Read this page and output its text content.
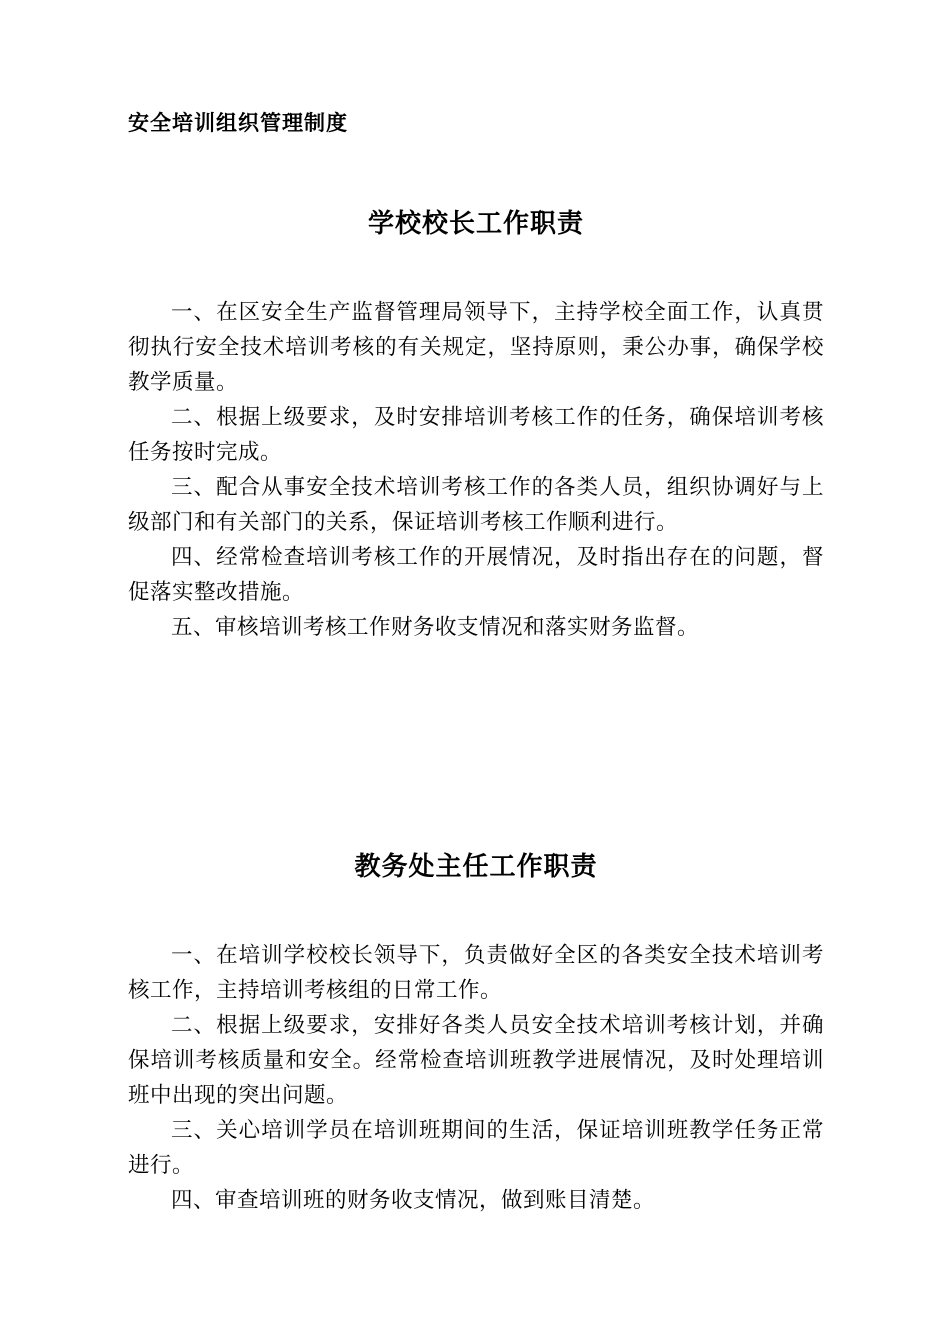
安全培训组织管理制度
学校校长工作职责

一、在区安全生产监督管理局领导下，主持学校全面工作，认真贯彻执行安全技术培训考核的有关规定，坚持原则，秉公办事，确保学校教学质量。

二、根据上级要求，及时安排培训考核工作的任务，确保培训考核任务按时完成。

三、配合从事安全技术培训考核工作的各类人员，组织协调好与上级部门和有关部门的关系，保证培训考核工作顺利进行。

四、经常检查培训考核工作的开展情况，及时指出存在的问题，督促落实整改措施。

五、审核培训考核工作财务收支情况和落实财务监督。

教务处主任工作职责

一、在培训学校校长领导下，负责做好全区的各类安全技术培训考核工作，主持培训考核组的日常工作。

二、根据上级要求，安排好各类人员安全技术培训考核计划，并确保培训考核质量和安全。经常检查培训班教学进展情况，及时处理培训班中出现的突出问题。

三、关心培训学员在培训班期间的生活，保证培训班教学任务正常进行。

四、审查培训班的财务收支情况，做到账目清楚。
